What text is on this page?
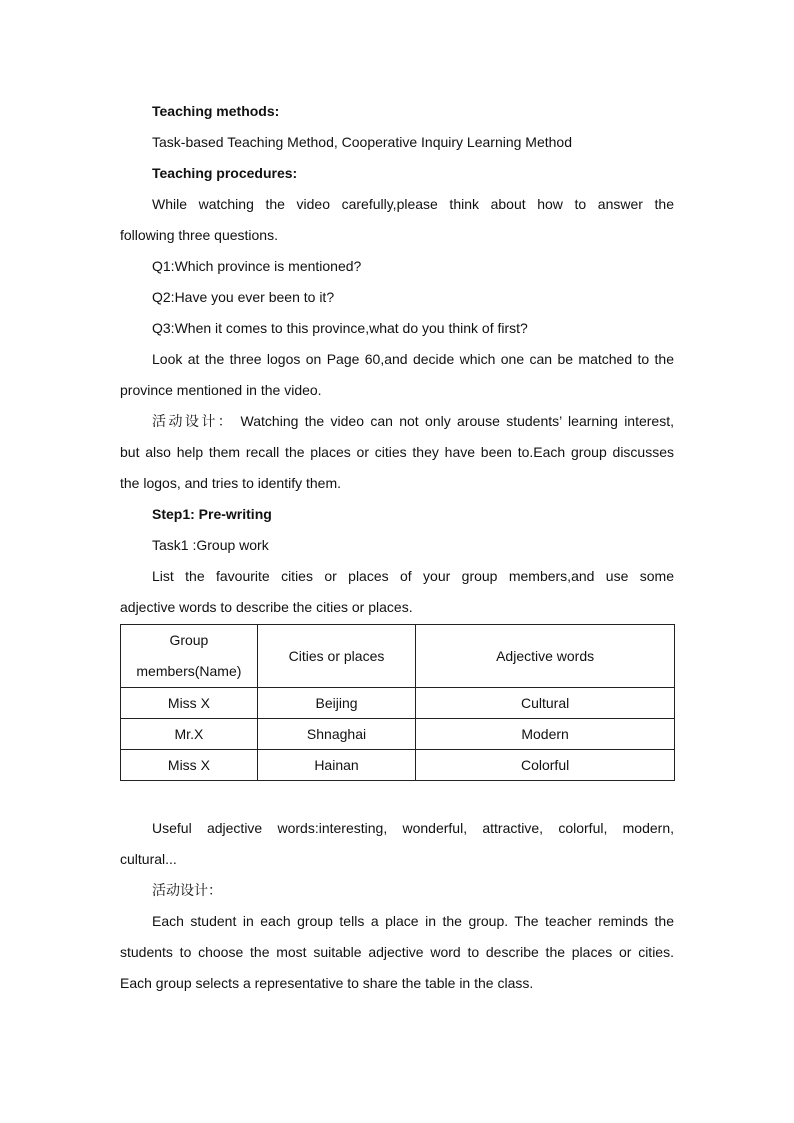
Teaching methods:
Task-based Teaching Method, Cooperative Inquiry Learning Method
Teaching procedures:
While watching the video carefully,please think about how to answer the
following three questions.
Q1:Which province is mentioned?
Q2:Have you ever been to it?
Q3:When it comes to this province,what do you think of first?
Look at the three logos on Page 60,and decide which one can be matched to the
province mentioned in the video.
活动设计： Watching the video can not only arouse students’ learning interest,
but also help them recall the places or cities they have been to.Each group discusses
the logos, and tries to identify them.
Step1: Pre-writing
Task1 :Group work
List the favourite cities or places of your group members,and use some
adjective words to describe the cities or places.
Group
members(Name)	Cities or places	Adjective words
Miss X	Beijing	Cultural
Mr.X	Shnaghai	Modern
Miss X	Hainan	Colorful
Useful adjective words:interesting, wonderful, attractive, colorful, modern,
cultural...
活动设计：
Each student in each group tells a place in the group. The teacher reminds the
students to choose the most suitable adjective word to describe the places or cities.
Each group selects a representative to share the table in the class.
